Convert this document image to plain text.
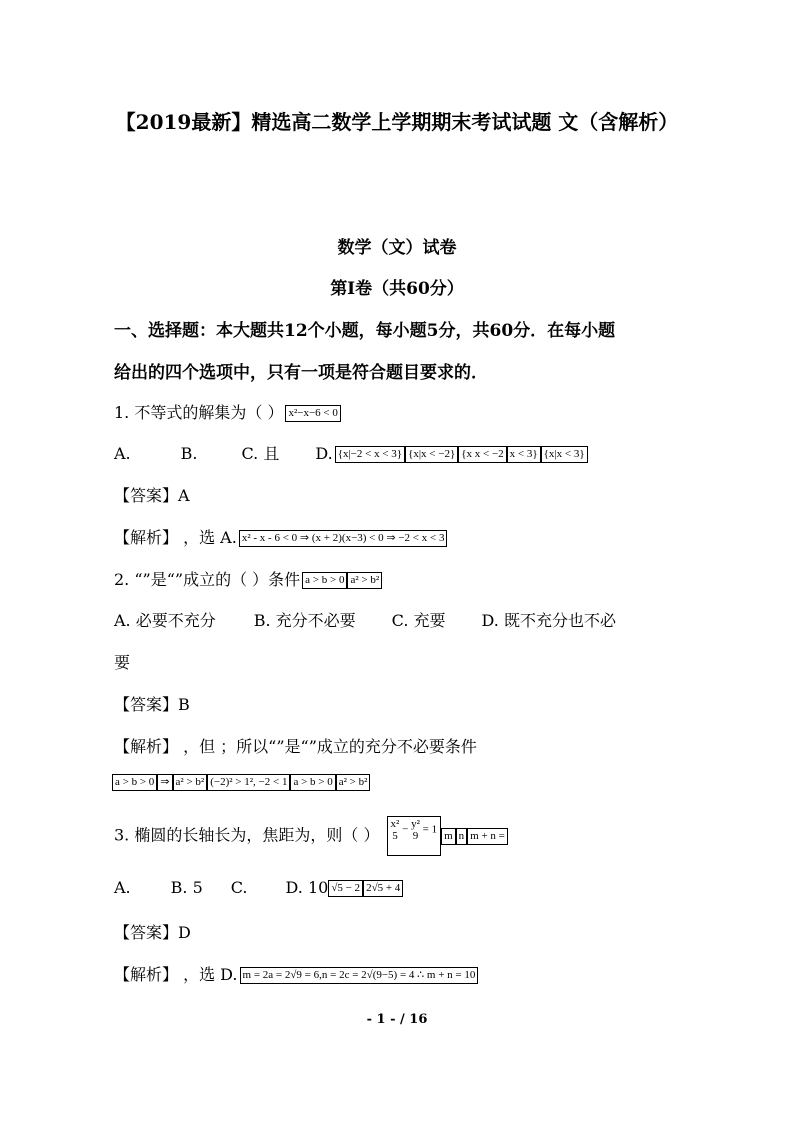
【2019最新】精选高二数学上学期期末考试试题 文（含解析）
数学（文）试卷
第Ⅰ卷（共60分）
一、选择题：本大题共12个小题，每小题5分，共60分．在每小题
给出的四个选项中，只有一项是符合题目要求的．
1. 不等式的解集为（ ） x²−x−6 < 0
A.	B.	C. 且 D. {x|−2 < x < 3} {x|x < −2} {x x < −2 x < 3} {x|x < 3}
【答案】A
【解析】 ，选 A. x² - x - 6 < 0 ⇒ (x + 2)(x−3) < 0 ⇒ −2 < x < 3
2. “”是“”成立的（ ）条件 a > b > 0 a² > b²
A. 必要不充分 B. 充分不必要 C. 充要 D. 既不充分也不必
要
【答案】B
【解析】 ，但 ；所以“”是“”成立的充分不必要条件
a > b > 0 ⇒ a² > b² (−2)² > 1², −2 < 1 a > b > 0 a² > b²
3. 椭圆的长轴长为，焦距为，则（ ） x²
5 − y²
9 = 1 m n m + n =
A.	B. 5 C. D. 10 √5 − 2 2√5 + 4
【答案】D
【解析】 ，选 D. m = 2a = 2√9 = 6,n = 2c = 2√(9−5) = 4 ∴ m + n = 10
- 1 - / 16
